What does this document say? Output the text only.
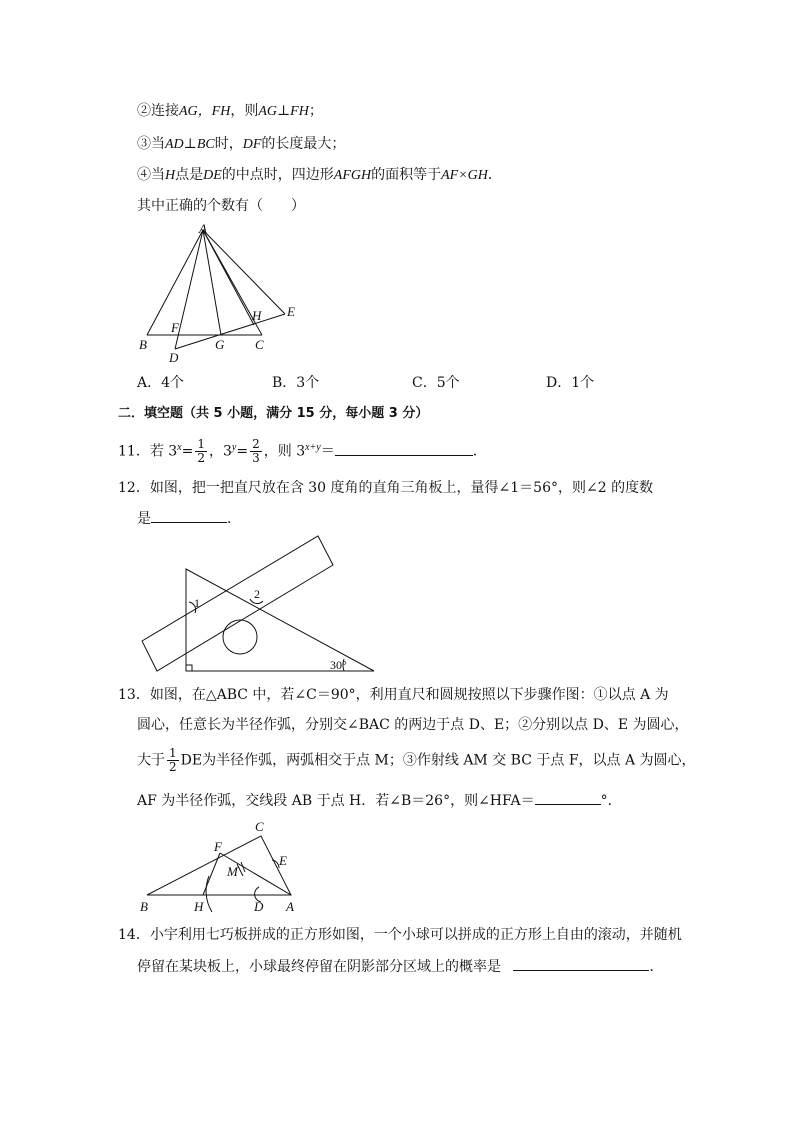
②连接AG，FH，则AG⊥FH；
③当AD⊥BC时，DF的长度最大；
④当H点是DE的中点时，四边形AFGH的面积等于AF×GH．
其中正确的个数有（　　）
A
B	C
D
E
F
G
H
A．4个	B．3个	C．5个	D．1个
二．填空题（共 5 小题，满分 15 分，每小题 3 分）
11．若 $3^x= \frac{1}{2}$ ，$3^y= \frac{2}{3}$ ，则 $3^{x+y}=$	．
12．如图，把一把直尺放在含 30 度角的直角三角板上，量得∠1＝56°，则∠2 的度数
是	．
1
2
30°
13．如图，在△ABC 中，若∠C＝90°，利用直尺和圆规按照以下步骤作图：①以点 A 为
圆心，任意长为半径作弧，分别交∠BAC 的两边于点 D、E；②分别以点 D、E 为圆心，
大于 $\frac{1}{2}$ DE为半径作弧，两弧相交于点 M；③作射线 AM 交 BC 于点 F，以点 A 为圆心，
AF 为半径作弧，交线段 AB 于点 H．若∠B＝26°，则∠HFA＝	°．
A
B
C
D
E
F
H
M
14．小宇利用七巧板拼成的正方形如图，一个小球可以拼成的正方形上自由的滚动，并随机
停留在某块板上，小球最终停留在阴影部分区域上的概率是	．
